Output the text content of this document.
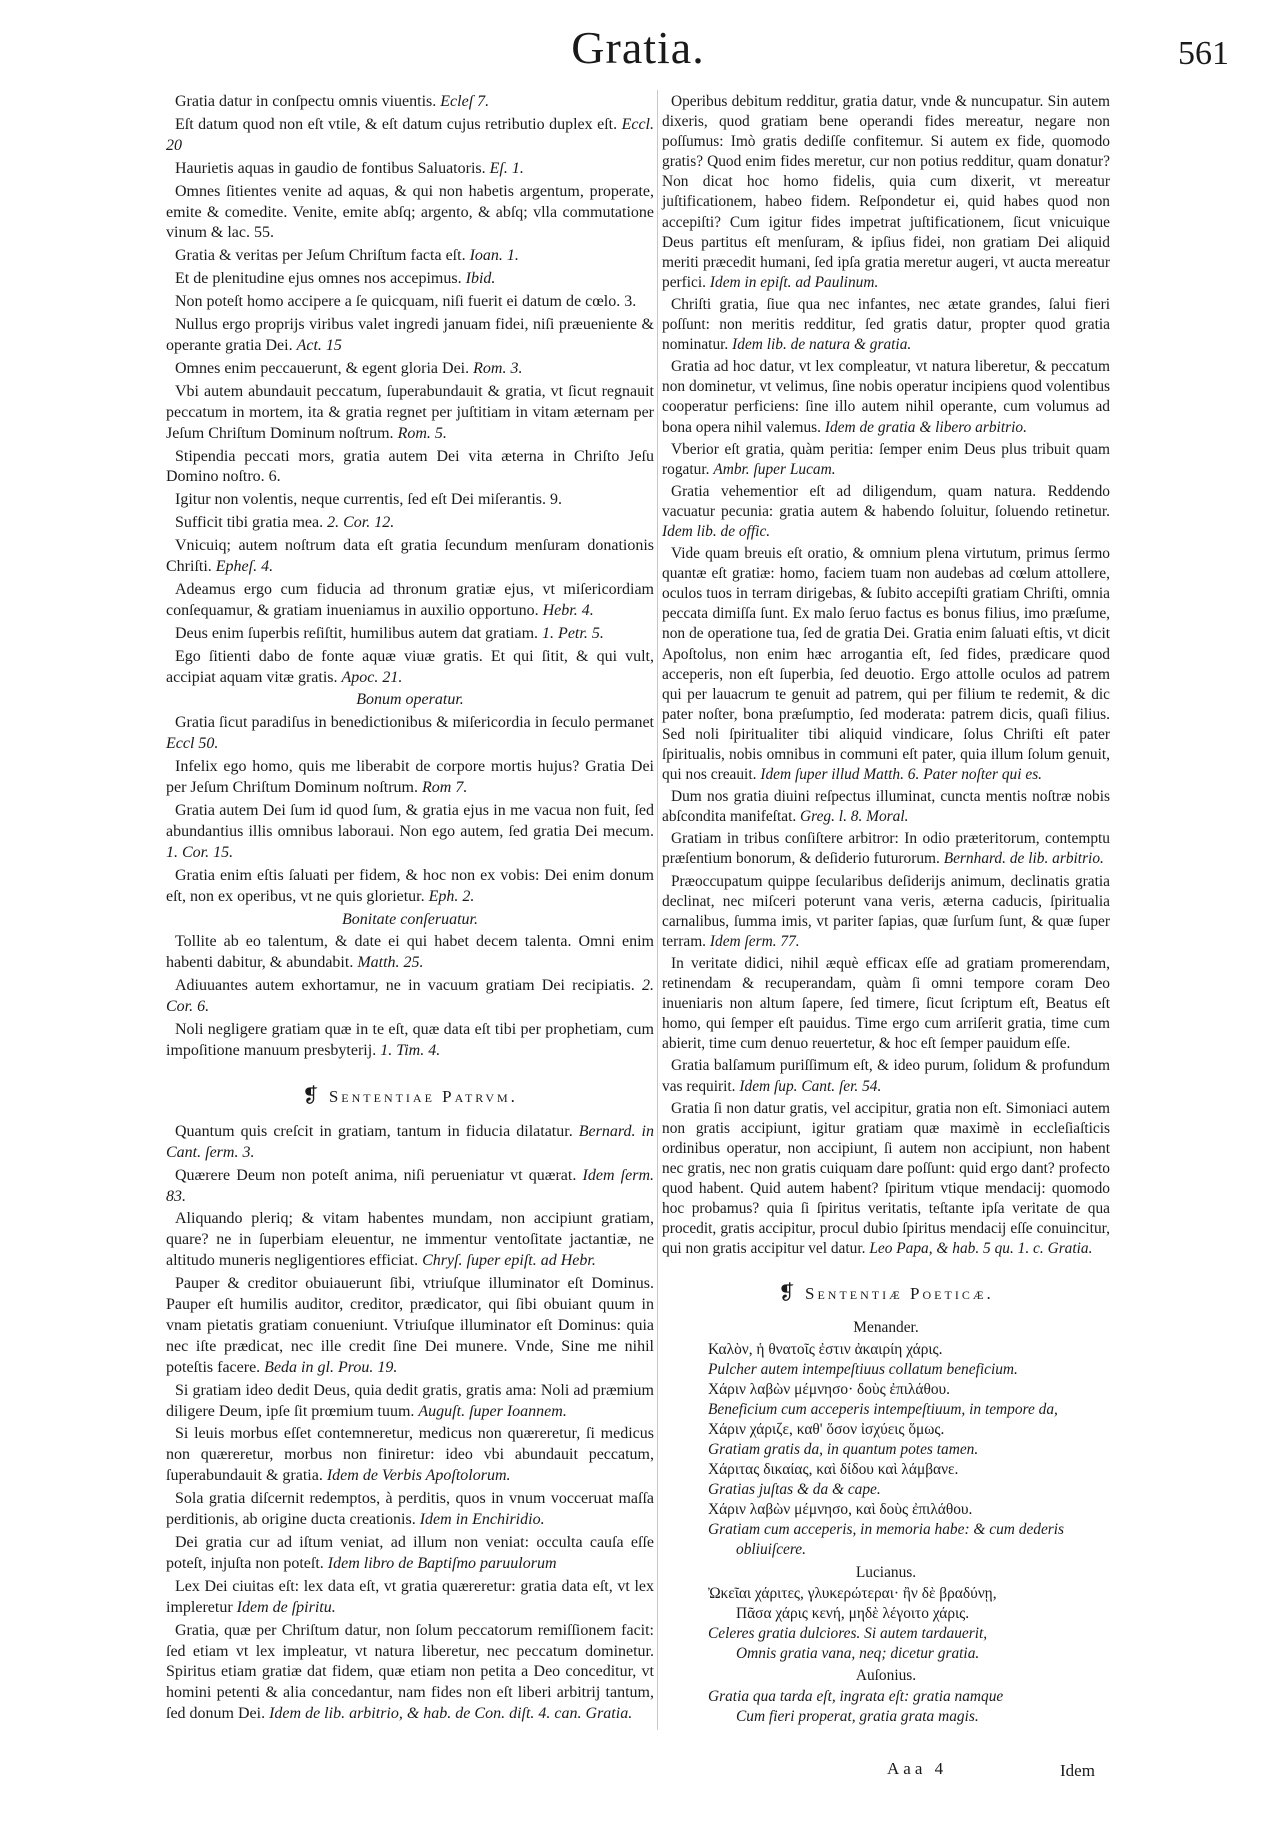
Gratia.	561

Gratia datur in conſpectu omnis viuentis. Ecleſ 7.

Eſt datum quod non eſt vtile, & eſt datum cujus retributio duplex eſt. Eccl. 20

Haurietis aquas in gaudio de fontibus Saluatoris. Eſ. 1.

Omnes ſitientes venite ad aquas, & qui non habetis argentum, properate, emite & comedite. Venite, emite abſq; argento, & abſq; vlla commutatione vinum & lac. 55.

Gratia & veritas per Jeſum Chriſtum facta eſt. Ioan. 1.

Et de plenitudine ejus omnes nos accepimus. Ibid.

Non poteſt homo accipere a ſe quicquam, niſi fuerit ei datum de cœlo. 3.

Nullus ergo proprijs viribus valet ingredi januam fidei, niſi præueniente & operante gratia Dei. Act. 15

Omnes enim peccauerunt, & egent gloria Dei. Rom. 3.

Vbi autem abundauit peccatum, ſuperabundauit & gratia, vt ſicut regnauit peccatum in mortem, ita & gratia regnet per juſtitiam in vitam æternam per Jeſum Chriſtum Dominum noſtrum. Rom. 5.

Stipendia peccati mors, gratia autem Dei vita æterna in Chriſto Jeſu Domino noſtro. 6.

Igitur non volentis, neque currentis, ſed eſt Dei miſerantis. 9.

Sufficit tibi gratia mea. 2. Cor. 12.

Vnicuiq; autem noſtrum data eſt gratia ſecundum menſuram donationis Chriſti. Epheſ. 4.

Adeamus ergo cum fiducia ad thronum gratiæ ejus, vt miſericordiam conſequamur, & gratiam inueniamus in auxilio opportuno. Hebr. 4.

Deus enim ſuperbis reſiſtit, humilibus autem dat gratiam. 1. Petr. 5.

Ego ſitienti dabo de fonte aquæ viuæ gratis. Et qui ſitit, & qui vult, accipiat aquam vitæ gratis. Apoc. 21.

Bonum operatur.

Gratia ſicut paradiſus in benedictionibus & miſericordia in ſeculo permanet Eccl 50.

Infelix ego homo, quis me liberabit de corpore mortis hujus? Gratia Dei per Jeſum Chriſtum Dominum noſtrum. Rom 7.

Gratia autem Dei ſum id quod ſum, & gratia ejus in me vacua non fuit, ſed abundantius illis omnibus laboraui. Non ego autem, ſed gratia Dei mecum. 1. Cor. 15.

Gratia enim eſtis ſaluati per fidem, & hoc non ex vobis: Dei enim donum eſt, non ex operibus, vt ne quis glorietur. Eph. 2.

Bonitate conſeruatur.

Tollite ab eo talentum, & date ei qui habet decem talenta. Omni enim habenti dabitur, & abundabit. Matth. 25.

Adiuuantes autem exhortamur, ne in vacuum gratiam Dei recipiatis. 2. Cor. 6.

Noli negligere gratiam quæ in te eſt, quæ data eſt tibi per prophetiam, cum impoſitione manuum presbyterij. 1. Tim. 4.

❡ Sententiae Patrvm.

Quantum quis creſcit in gratiam, tantum in fiducia dilatatur. Bernard. in Cant. ſerm. 3.

Quærere Deum non poteſt anima, niſi perueniatur vt quærat. Idem ſerm. 83.

Aliquando pleriq; & vitam habentes mundam, non accipiunt gratiam, quare? ne in ſuperbiam eleuentur, ne immentur ventoſitate jactantiæ, ne altitudo muneris negligentiores efficiat. Chryſ. ſuper epiſt. ad Hebr.

Pauper & creditor obuiauerunt ſibi, vtriuſque illuminator eſt Dominus. Pauper eſt humilis auditor, creditor, prædicator, qui ſibi obuiant quum in vnam pietatis gratiam conueniunt. Vtriuſque illuminator eſt Dominus: quia nec iſte prædicat, nec ille credit ſine Dei munere. Vnde, Sine me nihil poteſtis facere. Beda in gl. Prou. 19.

Si gratiam ideo dedit Deus, quia dedit gratis, gratis ama: Noli ad præmium diligere Deum, ipſe ſit prœmium tuum. Auguſt. ſuper Ioannem.

Si leuis morbus eſſet contemneretur, medicus non quæreretur, ſi medicus non quæreretur, morbus non finiretur: ideo vbi abundauit peccatum, ſuperabundauit & gratia. Idem de Verbis Apoſtolorum.

Sola gratia diſcernit redemptos, à perditis, quos in vnum vocceruat maſſa perditionis, ab origine ducta creationis. Idem in Enchiridio.

Dei gratia cur ad iſtum veniat, ad illum non veniat: occulta cauſa eſſe poteſt, injuſta non poteſt. Idem libro de Baptiſmo paruulorum

Lex Dei ciuitas eſt: lex data eſt, vt gratia quæreretur: gratia data eſt, vt lex impleretur Idem de ſpiritu.

Gratia, quæ per Chriſtum datur, non ſolum peccatorum remiſſionem facit: ſed etiam vt lex impleatur, vt natura liberetur, nec peccatum dominetur. Spiritus etiam gratiæ dat fidem, quæ etiam non petita a Deo conceditur, vt homini petenti & alia concedantur, nam fides non eſt liberi arbitrij tantum, ſed donum Dei. Idem de lib. arbitrio, & hab. de Con. diſt. 4. can. Gratia.

Operibus debitum redditur, gratia datur, vnde & nuncupatur. Sin autem dixeris, quod gratiam bene operandi fides mereatur, negare non poſſumus: Imò gratis dediſſe confitemur. Si autem ex fide, quomodo gratis? Quod enim fides meretur, cur non potius redditur, quam donatur? Non dicat hoc homo fidelis, quia cum dixerit, vt mereatur juſtificationem, habeo fidem. Reſpondetur ei, quid habes quod non accepiſti? Cum igitur fides impetrat juſtificationem, ſicut vnicuique Deus partitus eſt menſuram, & ipſius fidei, non gratiam Dei aliquid meriti præcedit humani, ſed ipſa gratia meretur augeri, vt aucta mereatur perfici. Idem in epiſt. ad Paulinum.

Chriſti gratia, ſiue qua nec infantes, nec ætate grandes, ſalui fieri poſſunt: non meritis redditur, ſed gratis datur, propter quod gratia nominatur. Idem lib. de natura & gratia.

Gratia ad hoc datur, vt lex compleatur, vt natura liberetur, & peccatum non dominetur, vt velimus, ſine nobis operatur incipiens quod volentibus cooperatur perficiens: ſine illo autem nihil operante, cum volumus ad bona opera nihil valemus. Idem de gratia & libero arbitrio.

Vberior eſt gratia, quàm peritia: ſemper enim Deus plus tribuit quam rogatur. Ambr. ſuper Lucam.

Gratia vehementior eſt ad diligendum, quam natura. Reddendo vacuatur pecunia: gratia autem & habendo ſoluitur, ſoluendo retinetur. Idem lib. de offic.

Vide quam breuis eſt oratio, & omnium plena virtutum, primus ſermo quantæ eſt gratiæ: homo, faciem tuam non audebas ad cœlum attollere, oculos tuos in terram dirigebas, & ſubito accepiſti gratiam Chriſti, omnia peccata dimiſſa ſunt. Ex malo ſeruo factus es bonus filius, imo præſume, non de operatione tua, ſed de gratia Dei. Gratia enim ſaluati eſtis, vt dicit Apoſtolus, non enim hæc arrogantia eſt, ſed fides, prædicare quod acceperis, non eſt ſuperbia, ſed deuotio. Ergo attolle oculos ad patrem qui per lauacrum te genuit ad patrem, qui per filium te redemit, & dic pater noſter, bona præſumptio, ſed moderata: patrem dicis, quaſi filius. Sed noli ſpiritualiter tibi aliquid vindicare, ſolus Chriſti eſt pater ſpiritualis, nobis omnibus in communi eſt pater, quia illum ſolum genuit, qui nos creauit. Idem ſuper illud Matth. 6. Pater noſter qui es.

Dum nos gratia diuini reſpectus illuminat, cuncta mentis noſtræ nobis abſcondita manifeſtat. Greg. l. 8. Moral.

Gratiam in tribus conſiſtere arbitror: In odio præteritorum, contemptu præſentium bonorum, & deſiderio futurorum. Bernhard. de lib. arbitrio.

Præoccupatum quippe ſecularibus deſiderijs animum, declinatis gratia declinat, nec miſceri poterunt vana veris, æterna caducis, ſpiritualia carnalibus, ſumma imis, vt pariter ſapias, quæ ſurſum ſunt, & quæ ſuper terram. Idem ſerm. 77.

In veritate didici, nihil æquè efficax eſſe ad gratiam promerendam, retinendam & recuperandam, quàm ſi omni tempore coram Deo inueniaris non altum ſapere, ſed timere, ſicut ſcriptum eſt, Beatus eſt homo, qui ſemper eſt pauidus. Time ergo cum arriſerit gratia, time cum abierit, time cum denuo reuertetur, & hoc eſt ſemper pauidum eſſe.

Gratia balſamum puriſſimum eſt, & ideo purum, ſolidum & profundum vas requirit. Idem ſup. Cant. ſer. 54.

Gratia ſi non datur gratis, vel accipitur, gratia non eſt. Simoniaci autem non gratis accipiunt, igitur gratiam quæ maximè in eccleſiaſticis ordinibus operatur, non accipiunt, ſi autem non accipiunt, non habent nec gratis, nec non gratis cuiquam dare poſſunt: quid ergo dant? profecto quod habent. Quid autem habent? ſpiritum vtique mendacij: quomodo hoc probamus? quia ſi ſpiritus veritatis, teſtante ipſa veritate de qua procedit, gratis accipitur, procul dubio ſpiritus mendacij eſſe conuincitur, qui non gratis accipitur vel datur. Leo Papa, & hab. 5 qu. 1. c. Gratia.

❡ Sententiæ Poeticæ.
Menander.
Καλὸν, ἡ θνατοῖς ἐστιν ἀκαιρίη χάρις.
Pulcher autem intempeſtiuus collatum beneficium.
Χάριν λαβὼν μέμνησο· δοὺς ἐπιλάθου.
Beneficium cum acceperis intempeſtiuum, in tempore da,
Χάριν χάριζε, καθ' ὅσον ἰσχύεις ὅμως.
Gratiam gratis da, in quantum potes tamen.
Χάριτας δικαίας, καὶ δίδου καὶ λάμβανε.
Gratias juſtas & da & cape.
Χάριν λαβὼν μέμνησο, καὶ δοὺς ἐπιλάθου.
Gratiam cum acceperis, in memoria habe: & cum dederis
obliuiſcere.
Lucianus.
Ὠκεῖαι χάριτες, γλυκερώτεραι· ἢν δὲ βραδύνῃ,
Πᾶσα χάρις κενή, μηδὲ λέγοιτο χάρις.
Celeres gratia dulciores. Si autem tardauerit,
Omnis gratia vana, neq; dicetur gratia.
Auſonius.
Gratia qua tarda eſt, ingrata eſt: gratia namque
Cum fieri properat, gratia grata magis.
Aaa 4	Idem
